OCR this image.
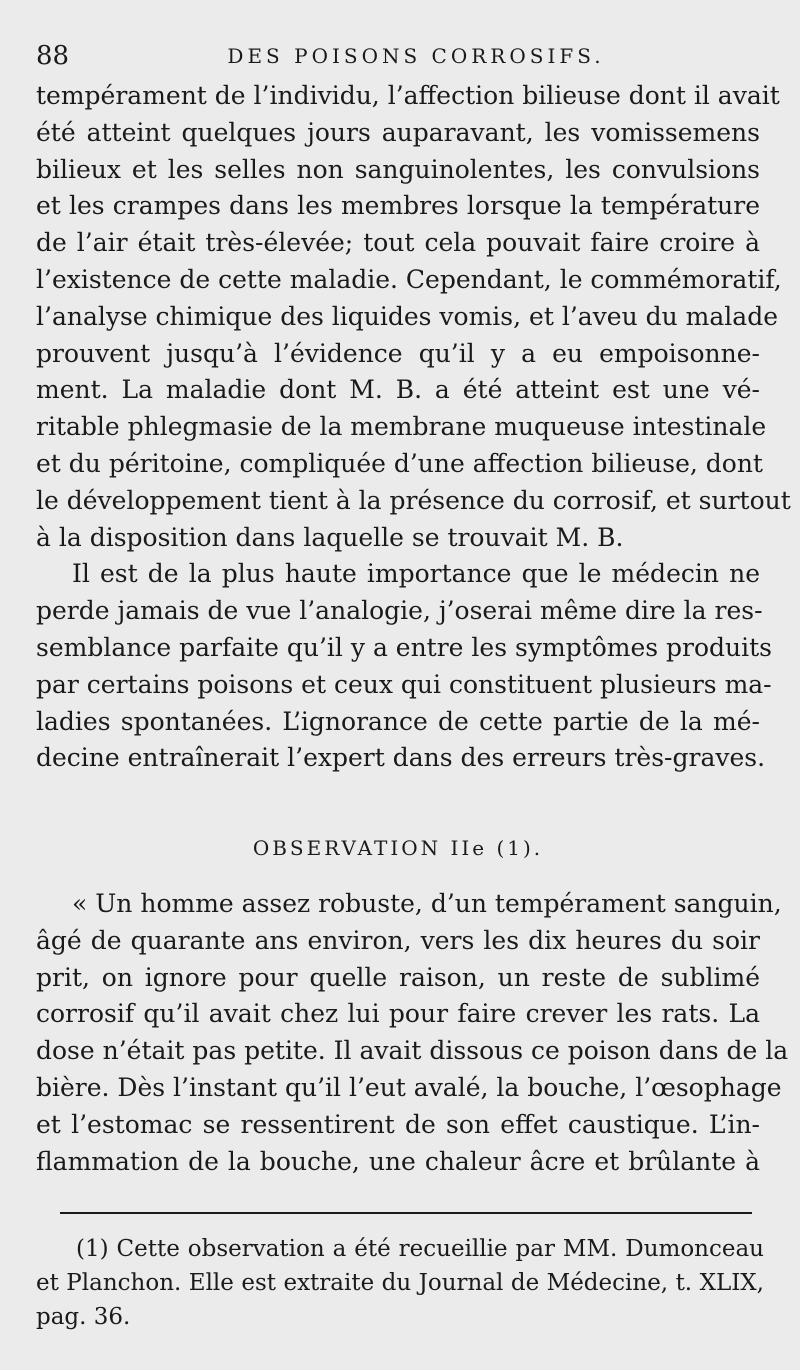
88	DES POISONS CORROSIFS.
tempérament de l’individu, l’affection bilieuse dont il avait
été atteint quelques jours auparavant, les vomissemens
bilieux et les selles non sanguinolentes, les convulsions
et les crampes dans les membres lorsque la température
de l’air était très-élevée; tout cela pouvait faire croire à
l’existence de cette maladie. Cependant, le commémoratif,
l’analyse chimique des liquides vomis, et l’aveu du malade
prouvent jusqu’à l’évidence qu’il y a eu empoisonne-
ment. La maladie dont M. B. a été atteint est une vé-
ritable phlegmasie de la membrane muqueuse intestinale
et du péritoine, compliquée d’une affection bilieuse, dont
le développement tient à la présence du corrosif, et surtout
à la disposition dans laquelle se trouvait M. B.
Il est de la plus haute importance que le médecin ne
perde jamais de vue l’analogie, j’oserai même dire la res-
semblance parfaite qu’il y a entre les symptômes produits
par certains poisons et ceux qui constituent plusieurs ma-
ladies spontanées. L’ignorance de cette partie de la mé-
decine entraînerait l’expert dans des erreurs très-graves.
OBSERVATION IIe (1).
« Un homme assez robuste, d’un tempérament sanguin,
âgé de quarante ans environ, vers les dix heures du soir
prit, on ignore pour quelle raison, un reste de sublimé
corrosif qu’il avait chez lui pour faire crever les rats. La
dose n’était pas petite. Il avait dissous ce poison dans de la
bière. Dès l’instant qu’il l’eut avalé, la bouche, l’œsophage
et l’estomac se ressentirent de son effet caustique. L’in-
flammation de la bouche, une chaleur âcre et brûlante à
(1) Cette observation a été recueillie par MM. Dumonceau
et Planchon. Elle est extraite du Journal de Médecine, t. XLIX,
pag. 36.
